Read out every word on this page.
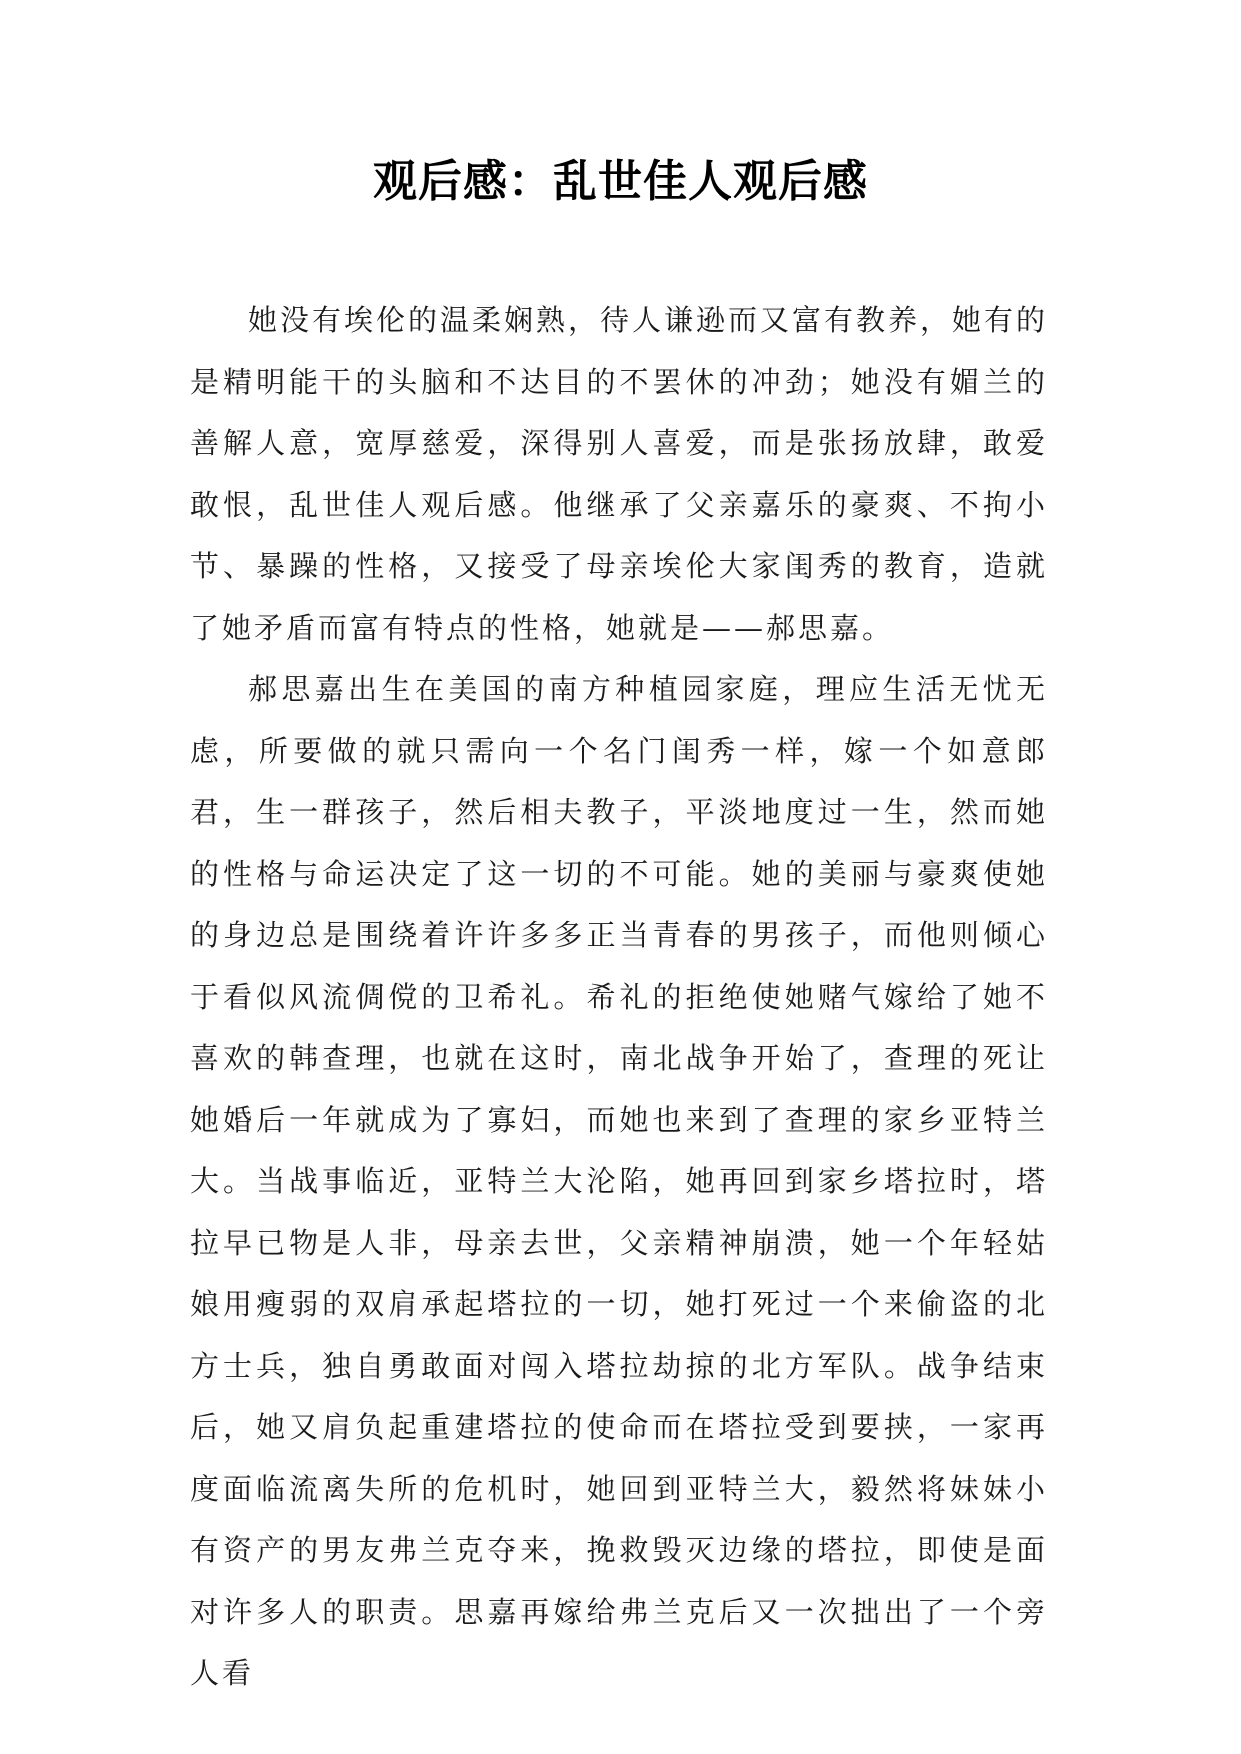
观后感：乱世佳人观后感

她没有埃伦的温柔娴熟，待人谦逊而又富有教养，她有的是精明能干的头脑和不达目的不罢休的冲劲；她没有媚兰的善解人意，宽厚慈爱，深得别人喜爱，而是张扬放肆，敢爱敢恨，乱世佳人观后感。他继承了父亲嘉乐的豪爽、不拘小节、暴躁的性格，又接受了母亲埃伦大家闺秀的教育，造就了她矛盾而富有特点的性格，她就是——郝思嘉。

郝思嘉出生在美国的南方种植园家庭，理应生活无忧无虑，所要做的就只需向一个名门闺秀一样，嫁一个如意郎君，生一群孩子，然后相夫教子，平淡地度过一生，然而她的性格与命运决定了这一切的不可能。她的美丽与豪爽使她的身边总是围绕着许许多多正当青春的男孩子，而他则倾心于看似风流倜傥的卫希礼。希礼的拒绝使她赌气嫁给了她不喜欢的韩查理，也就在这时，南北战争开始了，查理的死让她婚后一年就成为了寡妇，而她也来到了查理的家乡亚特兰大。当战事临近，亚特兰大沦陷，她再回到家乡塔拉时，塔拉早已物是人非，母亲去世，父亲精神崩溃，她一个年轻姑娘用瘦弱的双肩承起塔拉的一切，她打死过一个来偷盗的北方士兵，独自勇敢面对闯入塔拉劫掠的北方军队。战争结束后，她又肩负起重建塔拉的使命而在塔拉受到要挟，一家再度面临流离失所的危机时，她回到亚特兰大，毅然将妹妹小有资产的男友弗兰克夺来，挽救毁灭边缘的塔拉，即使是面对许多人的职责。思嘉再嫁给弗兰克后又一次拙出了一个旁人看
